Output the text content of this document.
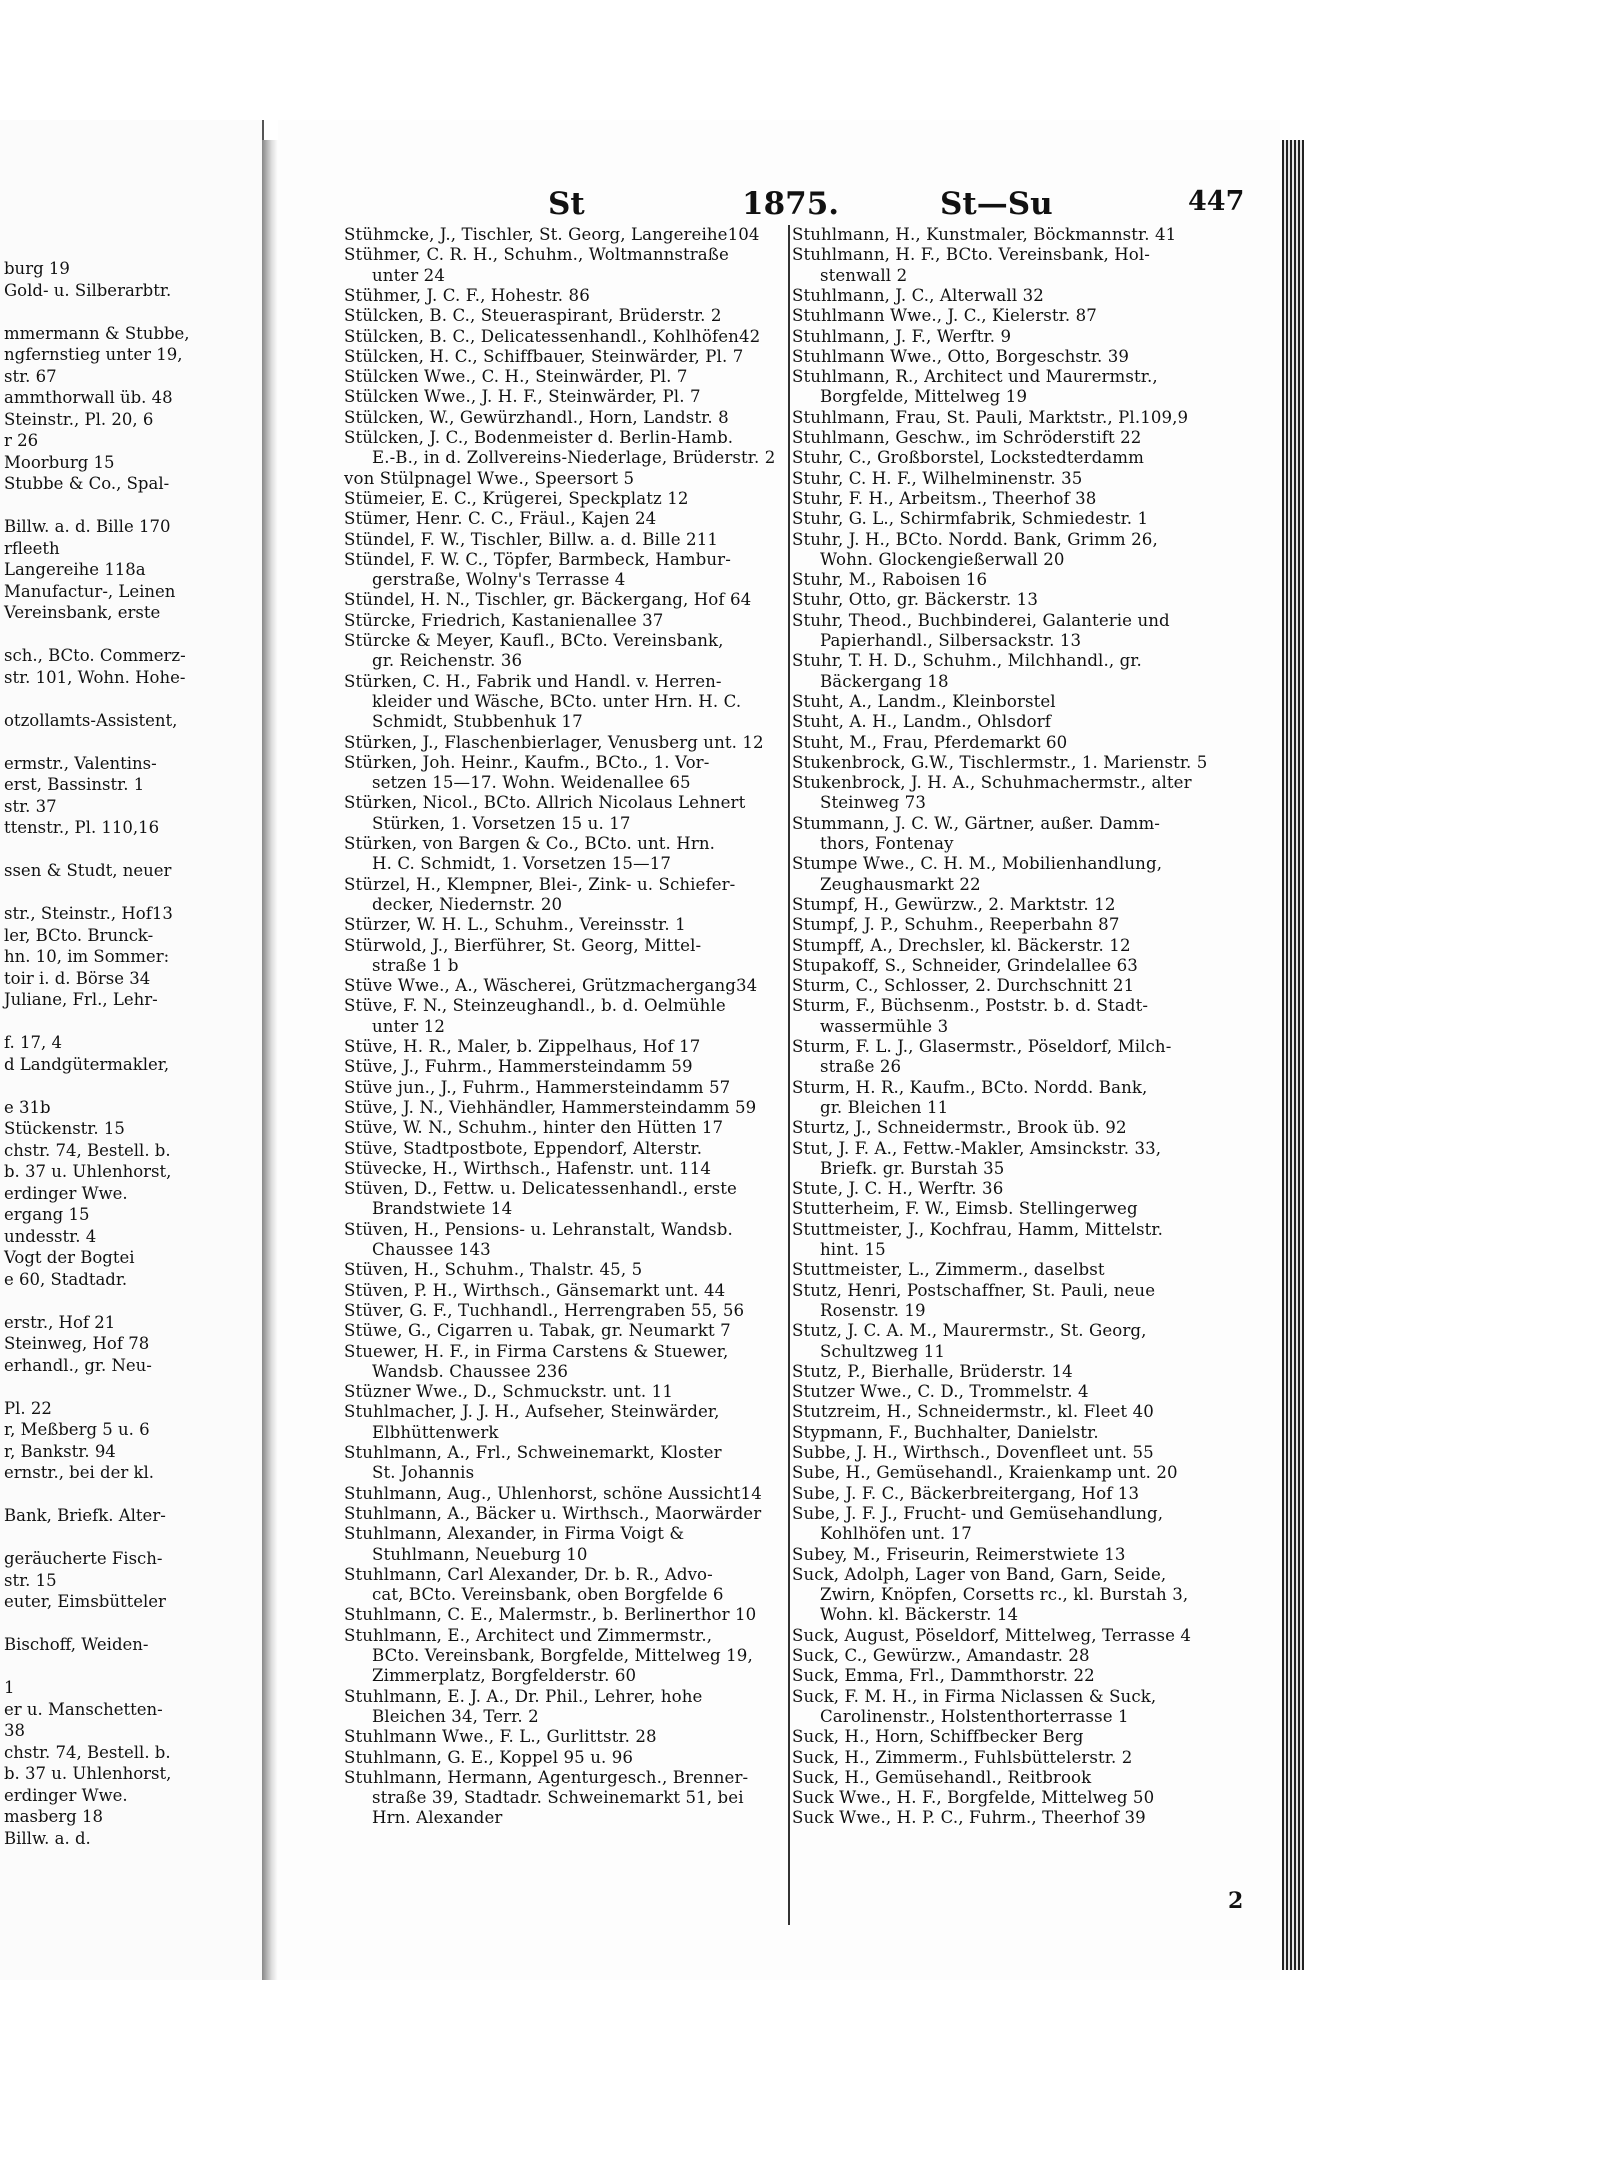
burg 19
Gold- u. Silberarbtr.
mmermann & Stubbe,
ngfernstieg unter 19,
str. 67
ammthorwall üb. 48
Steinstr., Pl. 20, 6
r 26
Moorburg 15
Stubbe & Co., Spal-
Billw. a. d. Bille 170
rfleeth
Langereihe 118a
Manufactur-, Leinen
Vereinsbank, erste
sch., BCto. Commerz-
str. 101, Wohn. Hohe-
otzollamts-Assistent,
ermstr., Valentins-
erst, Bassinstr. 1
str. 37
ttenstr., Pl. 110,16
ssen & Studt, neuer
str., Steinstr., Hof13
ler, BCto. Brunck-
hn. 10, im Sommer:
toir i. d. Börse 34
Juliane, Frl., Lehr-
f. 17, 4
d Landgütermakler,
e 31b
Stückenstr. 15
chstr. 74, Bestell. b.
b. 37 u. Uhlenhorst,
erdinger Wwe.
ergang 15
undesstr. 4
Vogt der Bogtei
e 60, Stadtadr.
erstr., Hof 21
Steinweg, Hof 78
erhandl., gr. Neu-
Pl. 22
r, Meßberg 5 u. 6
r, Bankstr. 94
ernstr., bei der kl.
Bank, Briefk. Alter-
geräucherte Fisch-
str. 15
euter, Eimsbütteler
Bischoff, Weiden-
1
er u. Manschetten-
38
chstr. 74, Bestell. b.
b. 37 u. Uhlenhorst,
erdinger Wwe.
masberg 18
Billw. a. d.
St	1875.	St—Su	447
Stühmcke, J., Tischler, St. Georg, Langereihe104
Stühmer, C. R. H., Schuhm., Woltmannstraße
unter 24
Stühmer, J. C. F., Hohestr. 86
Stülcken, B. C., Steueraspirant, Brüderstr. 2
Stülcken, B. C., Delicatessenhandl., Kohlhöfen42
Stülcken, H. C., Schiffbauer, Steinwärder, Pl. 7
Stülcken Wwe., C. H., Steinwärder, Pl. 7
Stülcken Wwe., J. H. F., Steinwärder, Pl. 7
Stülcken, W., Gewürzhandl., Horn, Landstr. 8
Stülcken, J. C., Bodenmeister d. Berlin-Hamb.
E.-B., in d. Zollvereins-Niederlage, Brüderstr. 2
von Stülpnagel Wwe., Speersort 5
Stümeier, E. C., Krügerei, Speckplatz 12
Stümer, Henr. C. C., Fräul., Kajen 24
Stündel, F. W., Tischler, Billw. a. d. Bille 211
Stündel, F. W. C., Töpfer, Barmbeck, Hambur-
gerstraße, Wolny's Terrasse 4
Stündel, H. N., Tischler, gr. Bäckergang, Hof 64
Stürcke, Friedrich, Kastanienallee 37
Stürcke & Meyer, Kaufl., BCto. Vereinsbank,
gr. Reichenstr. 36
Stürken, C. H., Fabrik und Handl. v. Herren-
kleider und Wäsche, BCto. unter Hrn. H. C.
Schmidt, Stubbenhuk 17
Stürken, J., Flaschenbierlager, Venusberg unt. 12
Stürken, Joh. Heinr., Kaufm., BCto., 1. Vor-
setzen 15—17. Wohn. Weidenallee 65
Stürken, Nicol., BCto. Allrich Nicolaus Lehnert
Stürken, 1. Vorsetzen 15 u. 17
Stürken, von Bargen & Co., BCto. unt. Hrn.
H. C. Schmidt, 1. Vorsetzen 15—17
Stürzel, H., Klempner, Blei-, Zink- u. Schiefer-
decker, Niedernstr. 20
Stürzer, W. H. L., Schuhm., Vereinsstr. 1
Stürwold, J., Bierführer, St. Georg, Mittel-
straße 1 b
Stüve Wwe., A., Wäscherei, Grützmachergang34
Stüve, F. N., Steinzeughandl., b. d. Oelmühle
unter 12
Stüve, H. R., Maler, b. Zippelhaus, Hof 17
Stüve, J., Fuhrm., Hammersteindamm 59
Stüve jun., J., Fuhrm., Hammersteindamm 57
Stüve, J. N., Viehhändler, Hammersteindamm 59
Stüve, W. N., Schuhm., hinter den Hütten 17
Stüve, Stadtpostbote, Eppendorf, Alterstr.
Stüvecke, H., Wirthsch., Hafenstr. unt. 114
Stüven, D., Fettw. u. Delicatessenhandl., erste
Brandstwiete 14
Stüven, H., Pensions- u. Lehranstalt, Wandsb.
Chaussee 143
Stüven, H., Schuhm., Thalstr. 45, 5
Stüven, P. H., Wirthsch., Gänsemarkt unt. 44
Stüver, G. F., Tuchhandl., Herrengraben 55, 56
Stüwe, G., Cigarren u. Tabak, gr. Neumarkt 7
Stuewer, H. F., in Firma Carstens & Stuewer,
Wandsb. Chaussee 236
Stüzner Wwe., D., Schmuckstr. unt. 11
Stuhlmacher, J. J. H., Aufseher, Steinwärder,
Elbhüttenwerk
Stuhlmann, A., Frl., Schweinemarkt, Kloster
St. Johannis
Stuhlmann, Aug., Uhlenhorst, schöne Aussicht14
Stuhlmann, A., Bäcker u. Wirthsch., Maorwärder
Stuhlmann, Alexander, in Firma Voigt &
Stuhlmann, Neueburg 10
Stuhlmann, Carl Alexander, Dr. b. R., Advo-
cat, BCto. Vereinsbank, oben Borgfelde 6
Stuhlmann, C. E., Malermstr., b. Berlinerthor 10
Stuhlmann, E., Architect und Zimmermstr.,
BCto. Vereinsbank, Borgfelde, Mittelweg 19,
Zimmerplatz, Borgfelderstr. 60
Stuhlmann, E. J. A., Dr. Phil., Lehrer, hohe
Bleichen 34, Terr. 2
Stuhlmann Wwe., F. L., Gurlittstr. 28
Stuhlmann, G. E., Koppel 95 u. 96
Stuhlmann, Hermann, Agenturgesch., Brenner-
straße 39, Stadtadr. Schweinemarkt 51, bei
Hrn. Alexander
Stuhlmann, H., Kunstmaler, Böckmannstr. 41
Stuhlmann, H. F., BCto. Vereinsbank, Hol-
stenwall 2
Stuhlmann, J. C., Alterwall 32
Stuhlmann Wwe., J. C., Kielerstr. 87
Stuhlmann, J. F., Werftr. 9
Stuhlmann Wwe., Otto, Borgeschstr. 39
Stuhlmann, R., Architect und Maurermstr.,
Borgfelde, Mittelweg 19
Stuhlmann, Frau, St. Pauli, Marktstr., Pl.109,9
Stuhlmann, Geschw., im Schröderstift 22
Stuhr, C., Großborstel, Lockstedterdamm
Stuhr, C. H. F., Wilhelminenstr. 35
Stuhr, F. H., Arbeitsm., Theerhof 38
Stuhr, G. L., Schirmfabrik, Schmiedestr. 1
Stuhr, J. H., BCto. Nordd. Bank, Grimm 26,
Wohn. Glockengießerwall 20
Stuhr, M., Raboisen 16
Stuhr, Otto, gr. Bäckerstr. 13
Stuhr, Theod., Buchbinderei, Galanterie und
Papierhandl., Silbersackstr. 13
Stuhr, T. H. D., Schuhm., Milchhandl., gr.
Bäckergang 18
Stuht, A., Landm., Kleinborstel
Stuht, A. H., Landm., Ohlsdorf
Stuht, M., Frau, Pferdemarkt 60
Stukenbrock, G.W., Tischlermstr., 1. Marienstr. 5
Stukenbrock, J. H. A., Schuhmachermstr., alter
Steinweg 73
Stummann, J. C. W., Gärtner, außer. Damm-
thors, Fontenay
Stumpe Wwe., C. H. M., Mobilienhandlung,
Zeughausmarkt 22
Stumpf, H., Gewürzw., 2. Marktstr. 12
Stumpf, J. P., Schuhm., Reeperbahn 87
Stumpff, A., Drechsler, kl. Bäckerstr. 12
Stupakoff, S., Schneider, Grindelallee 63
Sturm, C., Schlosser, 2. Durchschnitt 21
Sturm, F., Büchsenm., Poststr. b. d. Stadt-
wassermühle 3
Sturm, F. L. J., Glasermstr., Pöseldorf, Milch-
straße 26
Sturm, H. R., Kaufm., BCto. Nordd. Bank,
gr. Bleichen 11
Sturtz, J., Schneidermstr., Brook üb. 92
Stut, J. F. A., Fettw.-Makler, Amsinckstr. 33,
Briefk. gr. Burstah 35
Stute, J. C. H., Werftr. 36
Stutterheim, F. W., Eimsb. Stellingerweg
Stuttmeister, J., Kochfrau, Hamm, Mittelstr.
hint. 15
Stuttmeister, L., Zimmerm., daselbst
Stutz, Henri, Postschaffner, St. Pauli, neue
Rosenstr. 19
Stutz, J. C. A. M., Maurermstr., St. Georg,
Schultzweg 11
Stutz, P., Bierhalle, Brüderstr. 14
Stutzer Wwe., C. D., Trommelstr. 4
Stutzreim, H., Schneidermstr., kl. Fleet 40
Stypmann, F., Buchhalter, Danielstr.
Subbe, J. H., Wirthsch., Dovenfleet unt. 55
Sube, H., Gemüsehandl., Kraienkamp unt. 20
Sube, J. F. C., Bäckerbreitergang, Hof 13
Sube, J. F. J., Frucht- und Gemüsehandlung,
Kohlhöfen unt. 17
Subey, M., Friseurin, Reimerstwiete 13
Suck, Adolph, Lager von Band, Garn, Seide,
Zwirn, Knöpfen, Corsetts rc., kl. Burstah 3,
Wohn. kl. Bäckerstr. 14
Suck, August, Pöseldorf, Mittelweg, Terrasse 4
Suck, C., Gewürzw., Amandastr. 28
Suck, Emma, Frl., Dammthorstr. 22
Suck, F. M. H., in Firma Niclassen & Suck,
Carolinenstr., Holstenthorterrasse 1
Suck, H., Horn, Schiffbecker Berg
Suck, H., Zimmerm., Fuhlsbüttelerstr. 2
Suck, H., Gemüsehandl., Reitbrook
Suck Wwe., H. F., Borgfelde, Mittelweg 50
Suck Wwe., H. P. C., Fuhrm., Theerhof 39
2
